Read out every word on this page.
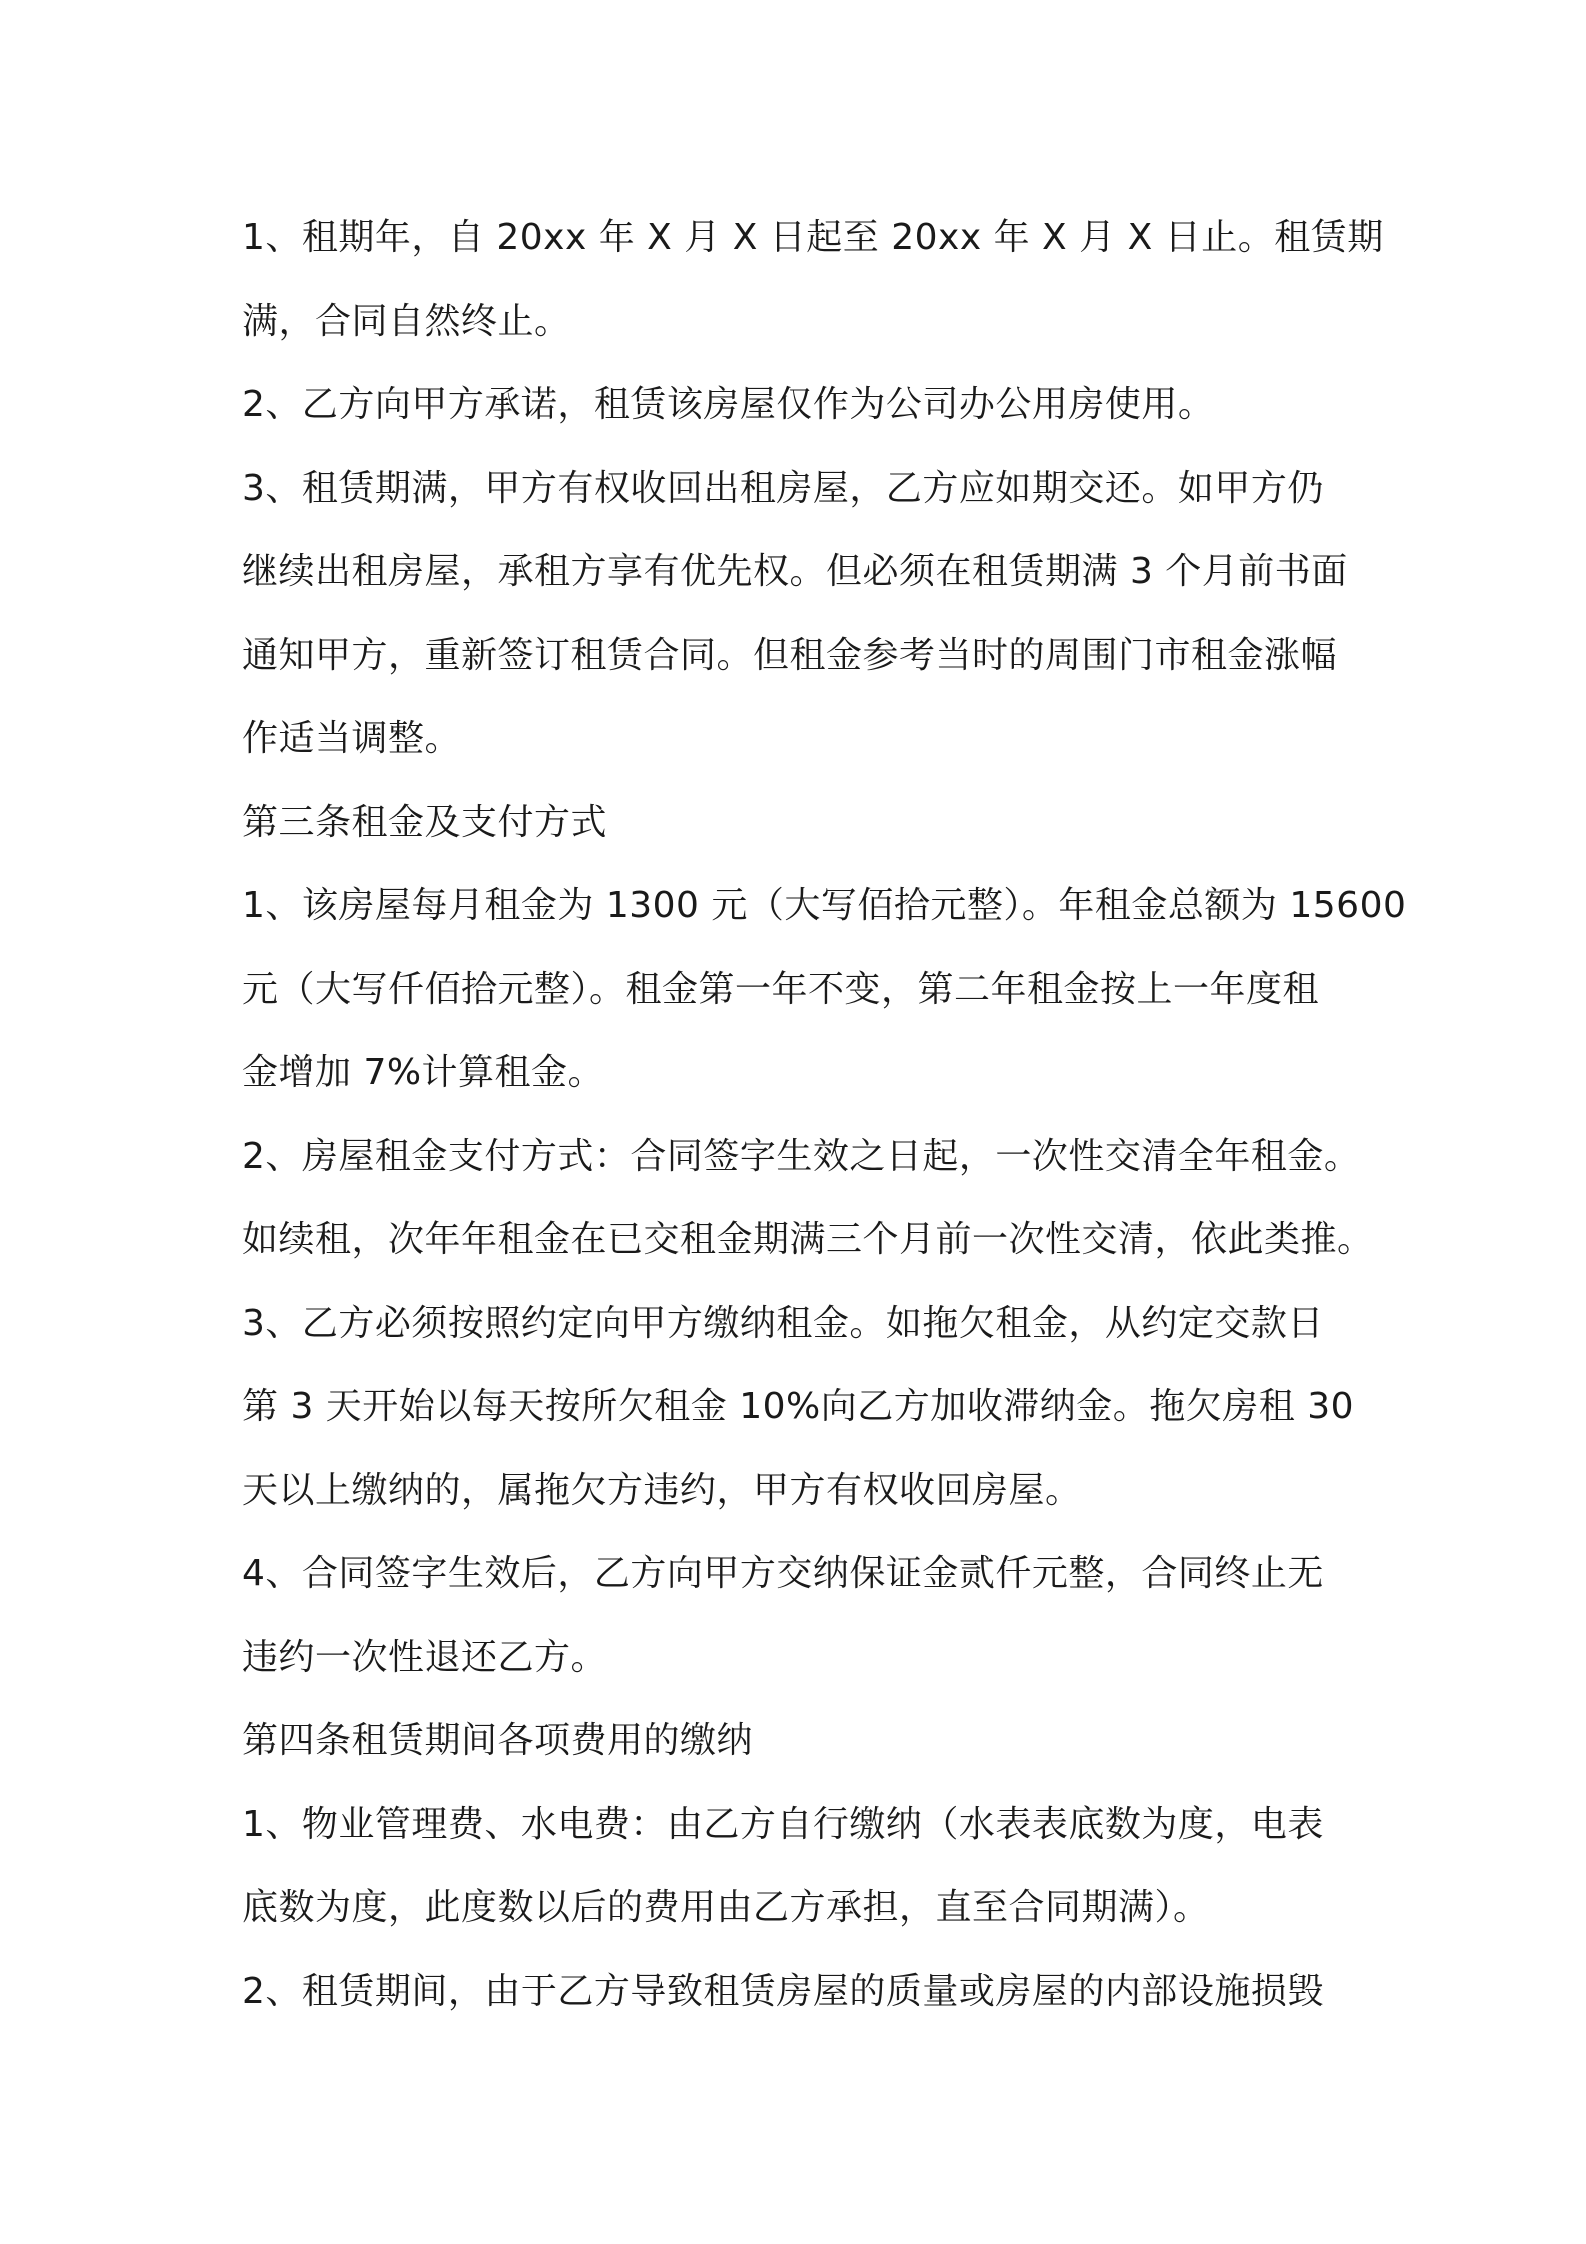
1、租期年，自 20xx 年 X 月 X 日起至 20xx 年 X 月 X 日止。租赁期
满，合同自然终止。
2、乙方向甲方承诺，租赁该房屋仅作为公司办公用房使用。
3、租赁期满，甲方有权收回出租房屋，乙方应如期交还。如甲方仍
继续出租房屋，承租方享有优先权。但必须在租赁期满 3 个月前书面
通知甲方，重新签订租赁合同。但租金参考当时的周围门市租金涨幅
作适当调整。
第三条租金及支付方式
1、该房屋每月租金为 1300 元（大写佰拾元整）。年租金总额为 15600
元（大写仟佰拾元整）。租金第一年不变，第二年租金按上一年度租
金增加 7%计算租金。
2、房屋租金支付方式：合同签字生效之日起，一次性交清全年租金。
如续租，次年年租金在已交租金期满三个月前一次性交清，依此类推。
3、乙方必须按照约定向甲方缴纳租金。如拖欠租金，从约定交款日
第 3 天开始以每天按所欠租金 10%向乙方加收滞纳金。拖欠房租 30
天以上缴纳的，属拖欠方违约，甲方有权收回房屋。
4、合同签字生效后，乙方向甲方交纳保证金贰仟元整，合同终止无
违约一次性退还乙方。
第四条租赁期间各项费用的缴纳
1、物业管理费、水电费：由乙方自行缴纳（水表表底数为度，电表
底数为度，此度数以后的费用由乙方承担，直至合同期满）。
2、租赁期间，由于乙方导致租赁房屋的质量或房屋的内部设施损毁
